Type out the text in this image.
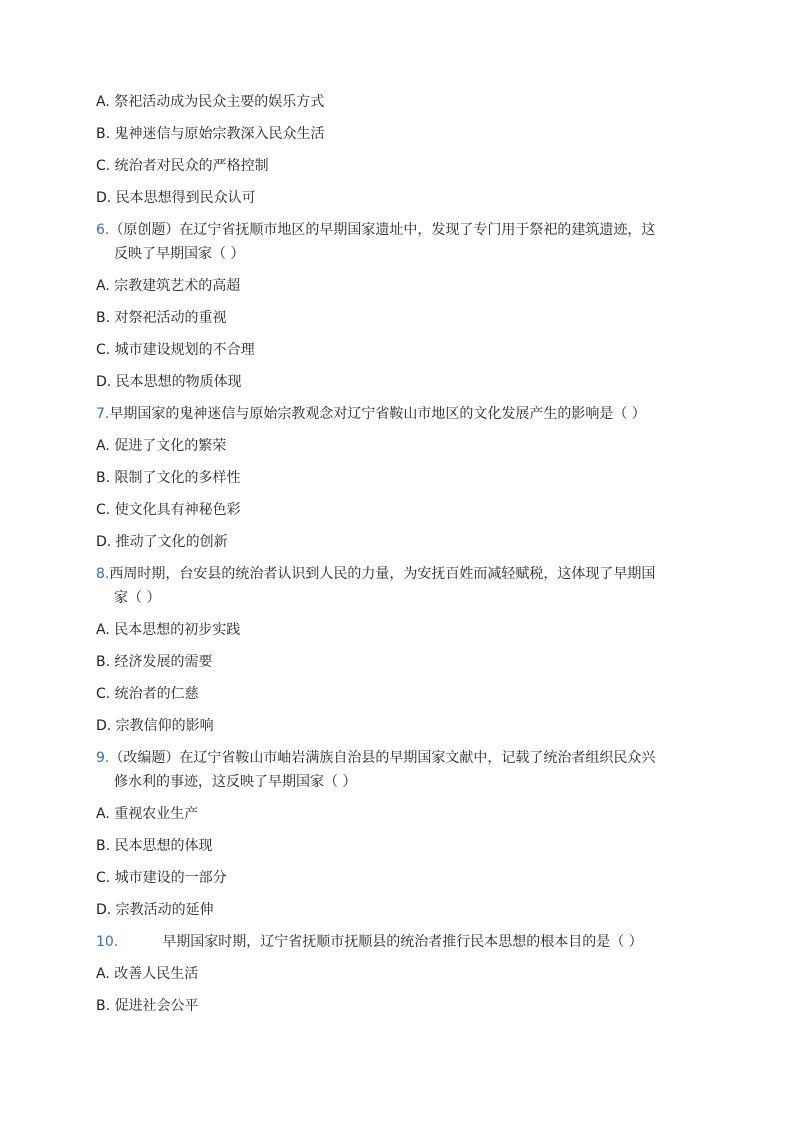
A. 祭祀活动成为民众主要的娱乐方式
B. 鬼神迷信与原始宗教深入民众生活
C. 统治者对民众的严格控制
D. 民本思想得到民众认可
6.（原创题）在辽宁省抚顺市地区的早期国家遗址中，发现了专门用于祭祀的建筑遗迹，这
反映了早期国家（ ）
A. 宗教建筑艺术的高超
B. 对祭祀活动的重视
C. 城市建设规划的不合理
D. 民本思想的物质体现
7.早期国家的鬼神迷信与原始宗教观念对辽宁省鞍山市地区的文化发展产生的影响是（ ）
A. 促进了文化的繁荣
B. 限制了文化的多样性
C. 使文化具有神秘色彩
D. 推动了文化的创新
8.西周时期，台安县的统治者认识到人民的力量，为安抚百姓而减轻赋税，这体现了早期国
家（ ）
A. 民本思想的初步实践
B. 经济发展的需要
C. 统治者的仁慈
D. 宗教信仰的影响
9.（改编题）在辽宁省鞍山市岫岩满族自治县的早期国家文献中，记载了统治者组织民众兴
修水利的事迹，这反映了早期国家（ ）
A. 重视农业生产
B. 民本思想的体现
C. 城市建设的一部分
D. 宗教活动的延伸
10.	早期国家时期，辽宁省抚顺市抚顺县的统治者推行民本思想的根本目的是（ ）
A. 改善人民生活
B. 促进社会公平
